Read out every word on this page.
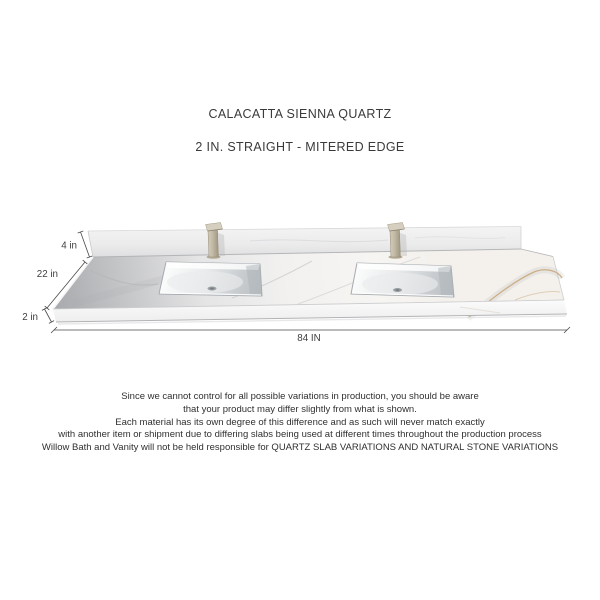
CALACATTA SIENNA QUARTZ
2 IN. STRAIGHT - MITERED EDGE
4 in
22 in
2 in
84 IN
Since we cannot control for all possible variations in production, you should be aware
that your product may differ slightly from what is shown.
Each material has its own degree of this difference and as such will never match exactly
with another item or shipment due to differing slabs being used at different times throughout the production process
Willow Bath and Vanity will not be held responsible for QUARTZ SLAB VARIATIONS AND NATURAL STONE VARIATIONS
